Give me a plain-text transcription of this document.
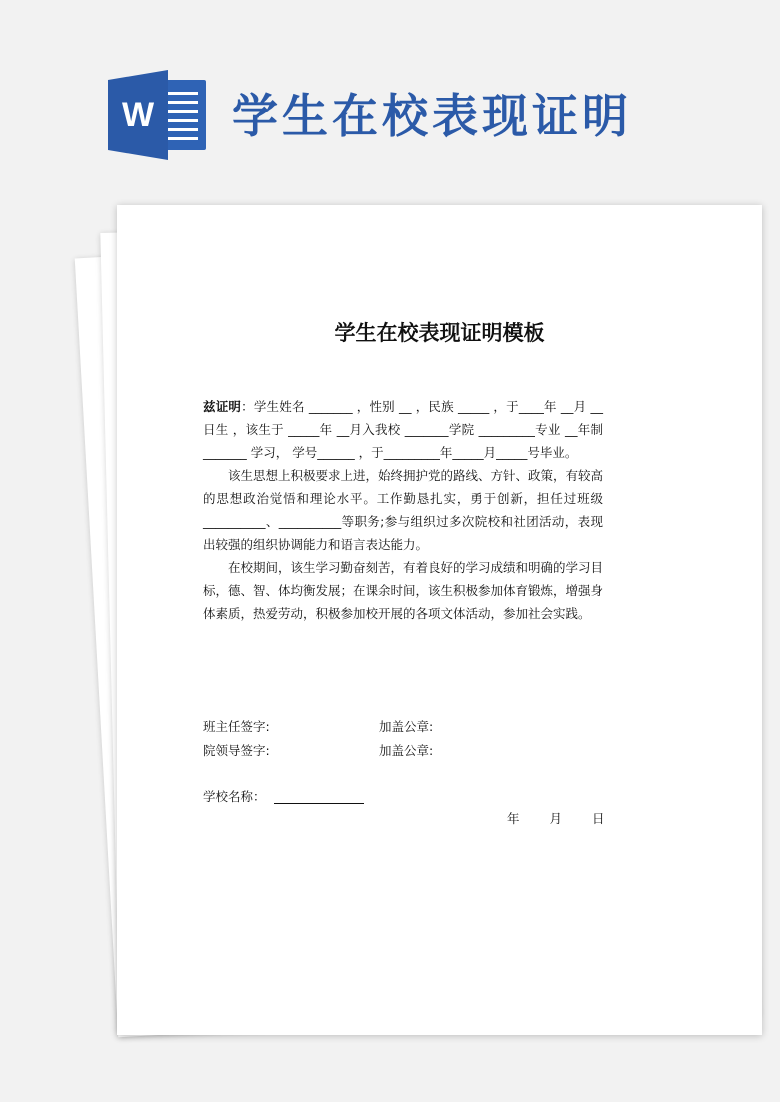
W 学生在校表现证明
学生在校表现证明模板

兹证明：学生姓名 _______ ，性别 __ ，民族 _____ ，于____年 __月 __日生 ，该生于 _____年 __月入我校 _______学院 _________专业 __年制 _______ 学习， 学号______ ，于_________年_____月_____号毕业。

该生思想上积极要求上进，始终拥护党的路线、方针、政策，有较高的思想政治觉悟和理论水平。工作勤恳扎实，勇于创新，担任过班级__________、__________等职务;参与组织过多次院校和社团活动，表现出较强的组织协调能力和语言表达能力。

在校期间，该生学习勤奋刻苦，有着良好的学习成绩和明确的学习目标，德、智、体均衡发展；在课余时间，该生积极参加体育锻炼，增强身体素质，热爱劳动，积极参加校开展的各项文体活动，参加社会实践。

班主任签字:	加盖公章:
院领导签字:	加盖公章:
学校名称：
年 月 日
